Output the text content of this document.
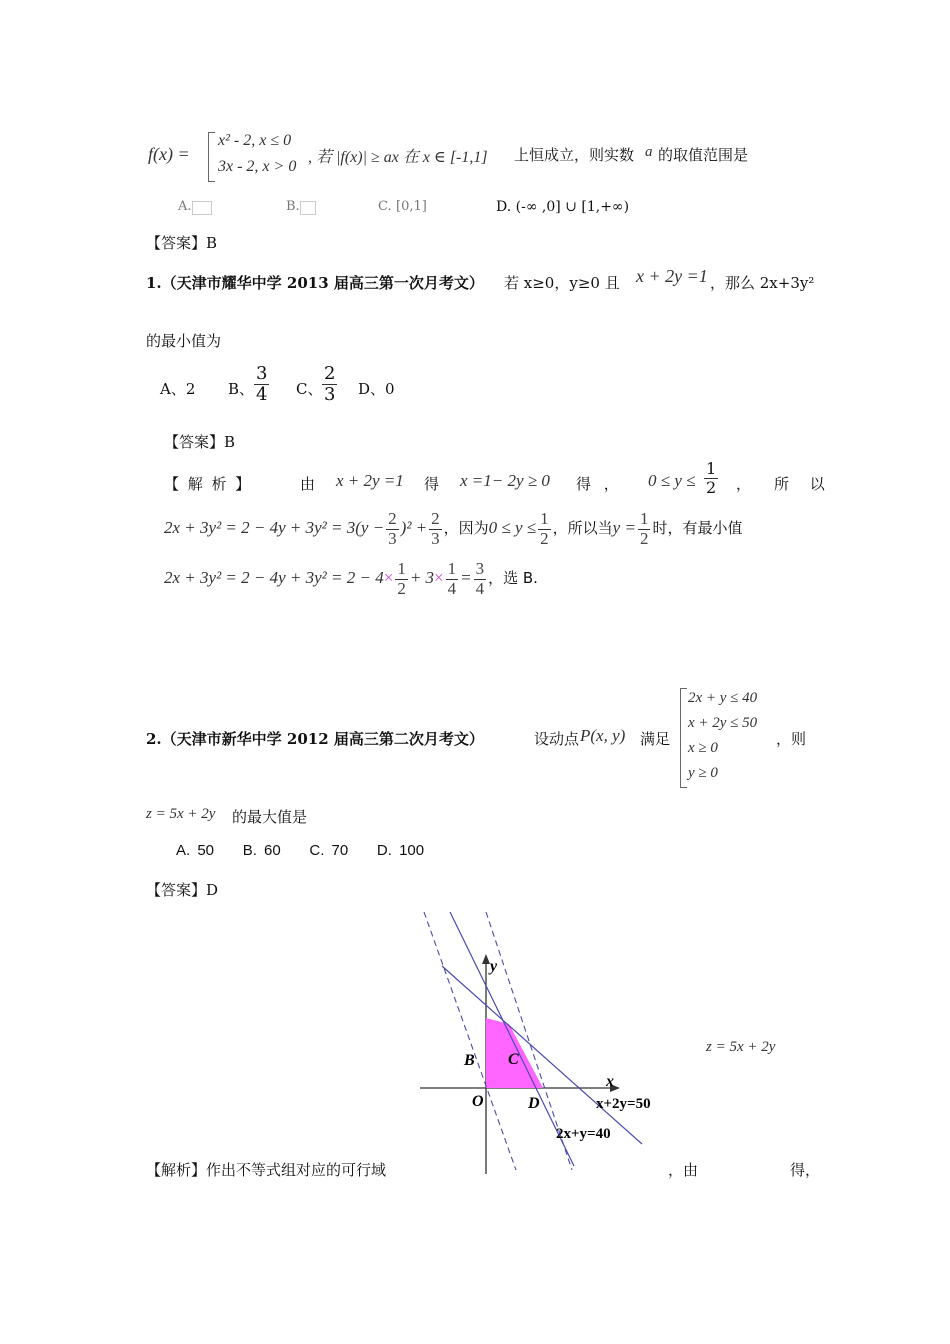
f(x) =
x² - 2, x ≤ 0
3x - 2, x > 0
, 若 |f(x)| ≥ ax 在 x ∈ [-1,1] 上恒成立，则实数 a 的取值范围是
A.	B.	C. [0,1]	D. (-∞ ,0] ∪ [1,+∞)
【答案】B
1.（天津市耀华中学 2013 届高三第一次月考文） 若 x≥0，y≥0 且 x + 2y =1 ，那么 2x+3y²
的最小值为
A、2 B、 $\frac{3}{4}$ C、 $\frac{2}{3}$ D、0
【答案】B
【 解 析 】	由 x + 2y =1 得 x =1− 2y ≥ 0 得 ， $0 \le y \le \frac{1}{2}$ ， 所 以
$2x + 3y^2 = 2 - 4y + 3y^2 = 3(y - \frac{2}{3} )^2 + \frac{2}{3}$ ，因为$0 \le y \le \frac{1}{2}$ ，所以当$y = \frac{1}{2}$ 时，有最小值
$2x + 3y^2 = 2 - 4y + 3y^2 = 2 - 4\times \frac{1}{2} + 3\times \frac{1}{4} = \frac{3}{4}$ ，选 B.
2.（天津市新华中学 2012 届高三第二次月考文）	设动点 P(x, y) 满足
2x + y ≤ 40
x + 2y ≤ 50
x ≥ 0
y ≥ 0
，则
z = 5x + 2y 的最大值是
A. 50    B. 60    C. 70    D. 100
【答案】D
y
x
O
B C
D	x+2y=50
2x+y=40
z = 5x + 2y
【解析】作出不等式组对应的可行域	，由	得，
